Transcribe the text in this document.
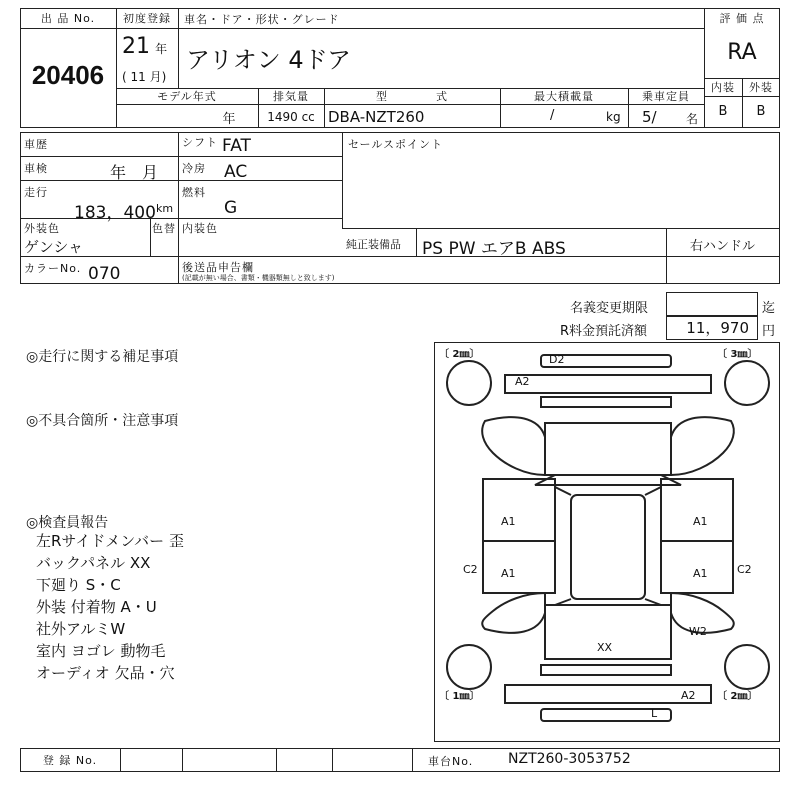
出 品 No.
20406
初度登録
21 年
( 11 月)
車名・ドア・形状・グレード
アリオン 4ドア
評 価 点
RA
内装	外装
B	B
モデル年式
年
排気量
1490 cc
型　　　　式
DBA-NZT260
最大積載量
/	kg
乗車定員
5/ 名
車歴	シフト FAT
車検	年　月 冷房 AC
走行
183，400 km
燃料
G
外装色	色替
ゲンシャ
内装色
カラーNo. 070	後送品申告欄
(記載が無い場合、書類・機器類無しと致します)
セールスポイント
純正装備品 PS PW エアB ABS	右ハンドル
名義変更期限	迄
R料金預託済額	11，970	円
◎走行に関する補足事項
◎不具合箇所・注意事項
◎検査員報告
左Rサイドメンバー 歪
バックパネル XX
下廻り S・C
外装 付着物 A・U
社外アルミW
室内 ヨゴレ 動物毛
オーディオ 欠品・穴
〔 2㎜〕	〔 3㎜〕
〔 1㎜〕	〔 2㎜〕
D2
A2
A1	A1
A1	A1
C2	C2
W2
XX
A2
L
登 録 No.	車台No. NZT260-3053752
